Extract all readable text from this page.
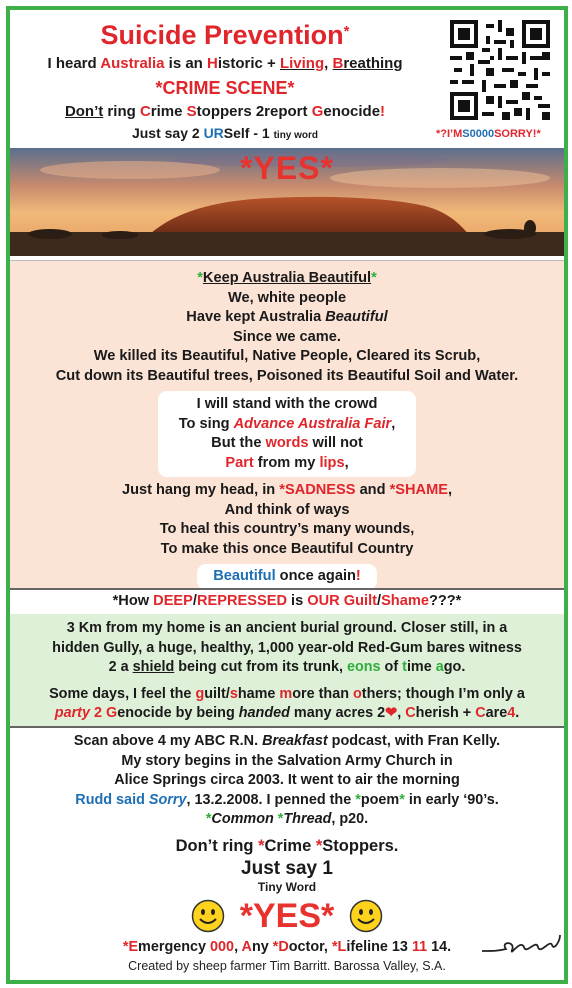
Suicide Prevention*
I heard Australia is an Historic + Living, Breathing
*CRIME SCENE*
Don’t ring Crime Stoppers 2report Genocide!
Just say 2 URSelf - 1 tiny word	*?I’MS0000SORRY!*
*YES*
*Keep Australia Beautiful*
We, white people
Have kept Australia Beautiful
Since we came.
We killed its Beautiful, Native People, Cleared its Scrub,
Cut down its Beautiful trees, Poisoned its Beautiful Soil and Water.
I will stand with the crowd
To sing Advance Australia Fair,
But the words will not
Part from my lips,
Just hang my head, in *SADNESS and *SHAME,
And think of ways
To heal this country’s many wounds,
To make this once Beautiful Country
Beautiful once again!
*How DEEP/REPRESSED is OUR Guilt/Shame???*
3 Km from my home is an ancient burial ground. Closer still, in a
hidden Gully, a huge, healthy, 1,000 year-old Red-Gum bares witness
2 a shield being cut from its trunk, eons of time ago.
Some days, I feel the guilt/shame more than others; though I’m only a
party 2 Genocide by being handed many acres 2❤, Cherish + Care4.
Scan above 4 my ABC R.N. Breakfast podcast, with Fran Kelly.
My story begins in the Salvation Army Church in
Alice Springs circa 2003. It went to air the morning
Rudd said Sorry, 13.2.2008. I penned the *poem* in early ‘90’s.
*Common *Thread, p20.
Don’t ring *Crime *Stoppers.
Just say 1
Tiny Word
*YES*
*Emergency 000, Any *Doctor, *Lifeline 13 11 14.
Created by sheep farmer Tim Barritt. Barossa Valley, S.A.
